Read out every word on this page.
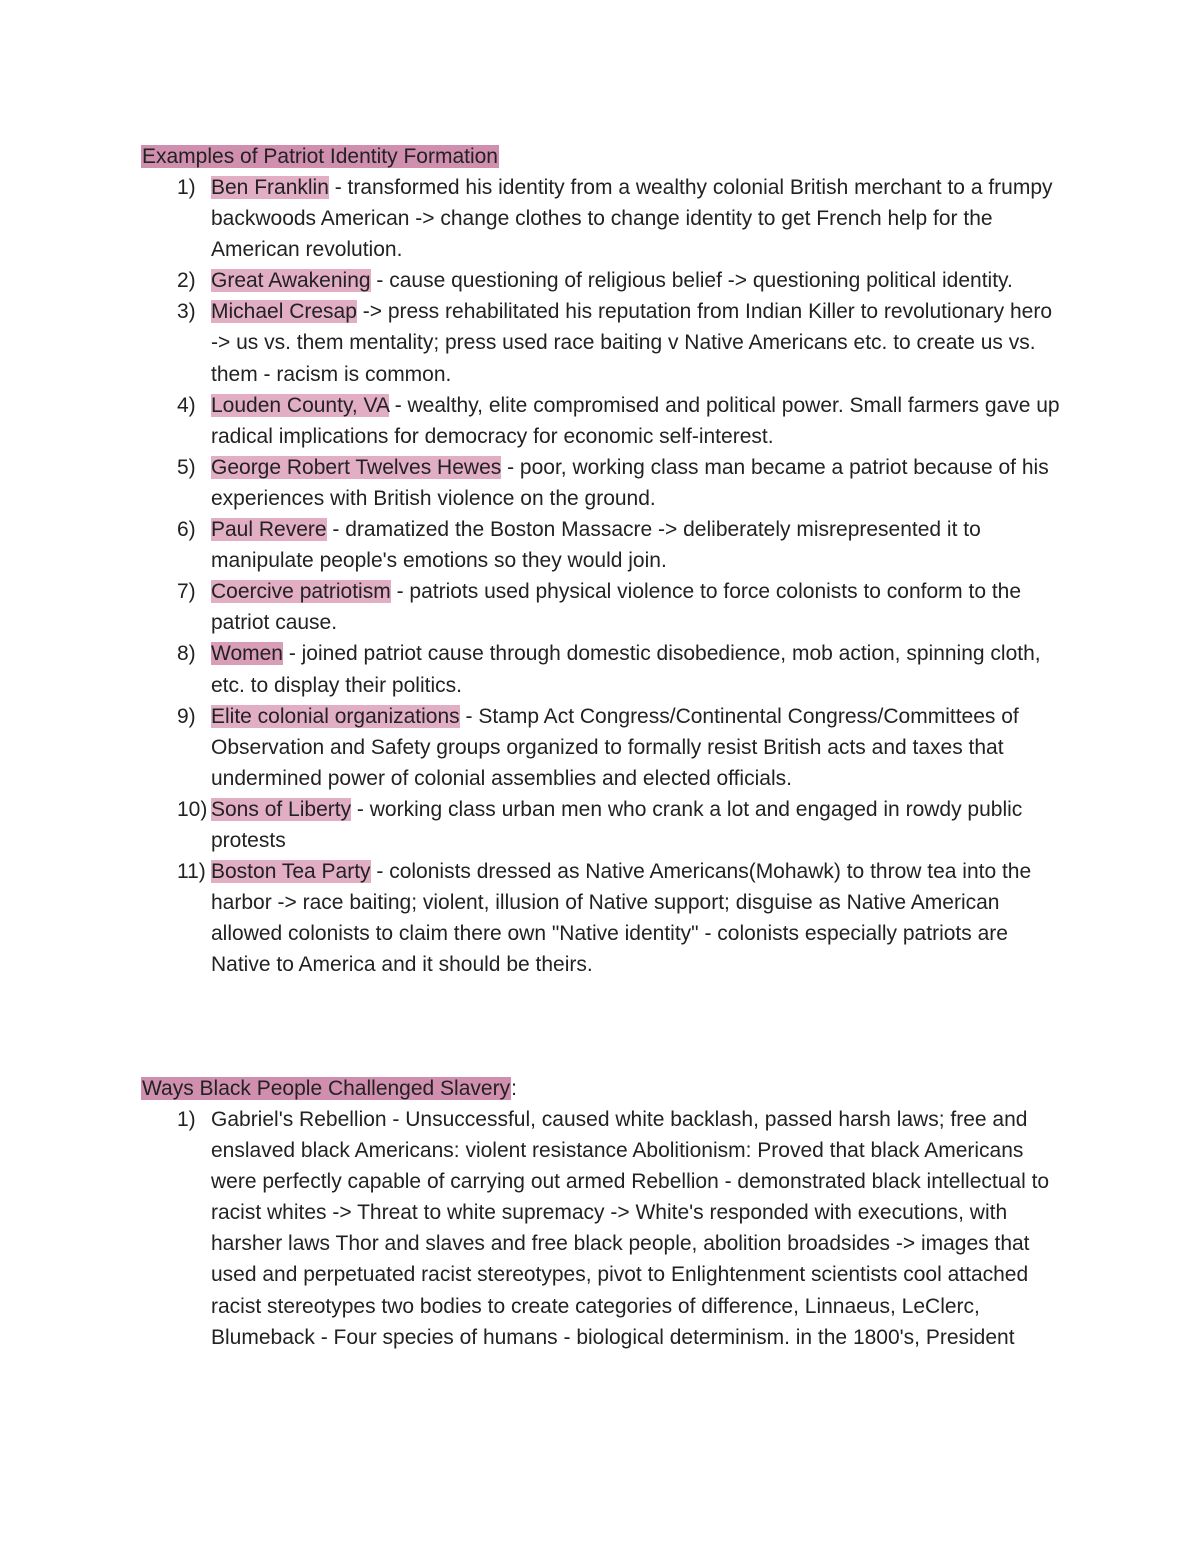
Examples of Patriot Identity Formation

1) Ben Franklin - transformed his identity from a wealthy colonial British merchant to a frumpy backwoods American -> change clothes to change identity to get French help for the American revolution.
2) Great Awakening - cause questioning of religious belief -> questioning political identity.
3) Michael Cresap -> press rehabilitated his reputation from Indian Killer to revolutionary hero -> us vs. them mentality; press used race baiting v Native Americans etc. to create us vs. them - racism is common.
4) Louden County, VA - wealthy, elite compromised and political power. Small farmers gave up radical implications for democracy for economic self-interest.
5) George Robert Twelves Hewes - poor, working class man became a patriot because of his experiences with British violence on the ground.
6) Paul Revere - dramatized the Boston Massacre -> deliberately misrepresented it to manipulate people's emotions so they would join.
7) Coercive patriotism - patriots used physical violence to force colonists to conform to the patriot cause.
8) Women - joined patriot cause through domestic disobedience, mob action, spinning cloth, etc. to display their politics.
9) Elite colonial organizations - Stamp Act Congress/Continental Congress/Committees of Observation and Safety groups organized to formally resist British acts and taxes that undermined power of colonial assemblies and elected officials.
10) Sons of Liberty - working class urban men who crank a lot and engaged in rowdy public protests
11) Boston Tea Party - colonists dressed as Native Americans(Mohawk) to throw tea into the harbor -> race baiting; violent, illusion of Native support; disguise as Native American allowed colonists to claim there own "Native identity" - colonists especially patriots are Native to America and it should be theirs.

Ways Black People Challenged Slavery:

1) Gabriel's Rebellion - Unsuccessful, caused white backlash, passed harsh laws; free and enslaved black Americans: violent resistance Abolitionism: Proved that black Americans were perfectly capable of carrying out armed Rebellion - demonstrated black intellectual to racist whites -> Threat to white supremacy -> White's responded with executions, with harsher laws Thor and slaves and free black people, abolition broadsides -> images that used and perpetuated racist stereotypes, pivot to Enlightenment scientists cool attached racist stereotypes two bodies to create categories of difference, Linnaeus, LeClerc, Blumeback - Four species of humans - biological determinism. in the 1800's, President
